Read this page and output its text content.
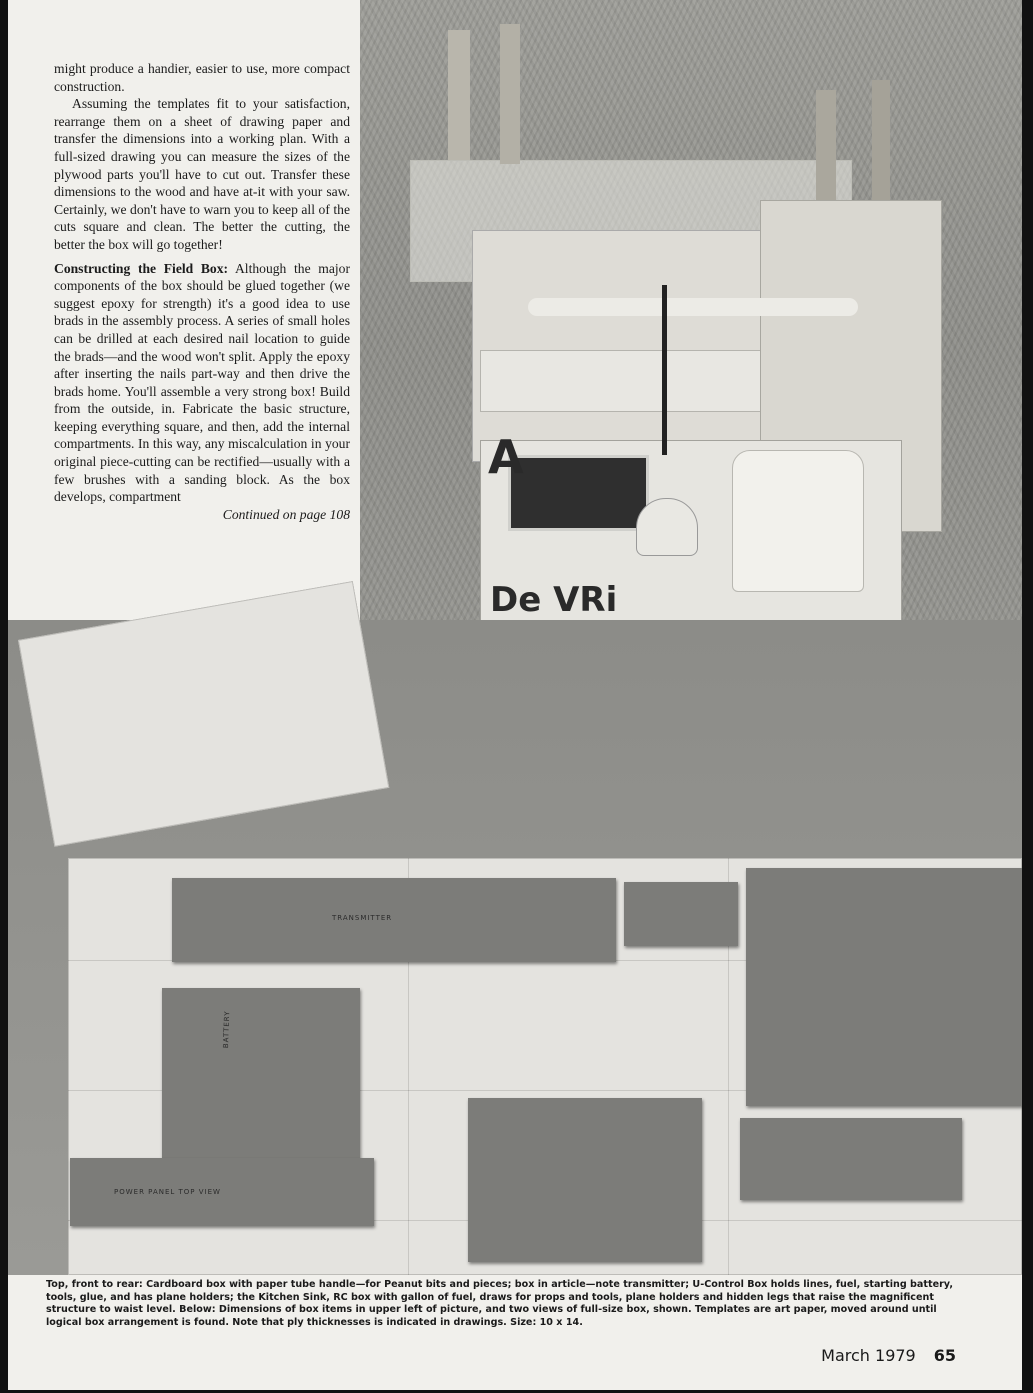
A
De VRi
TRANSMITTER
BATTERY
POWER PANEL TOP VIEW

might produce a handier, easier to use, more compact construction.

Assuming the templates fit to your satisfaction, rearrange them on a sheet of drawing paper and transfer the dimensions into a working plan. With a full-sized drawing you can measure the sizes of the plywood parts you'll have to cut out. Transfer these dimensions to the wood and have at-it with your saw. Certainly, we don't have to warn you to keep all of the cuts square and clean. The better the cutting, the better the box will go together!

Constructing the Field Box: Although the major components of the box should be glued together (we suggest epoxy for strength) it's a good idea to use brads in the assembly process. A series of small holes can be drilled at each desired nail location to guide the brads—and the wood won't split. Apply the epoxy after inserting the nails part-way and then drive the brads home. You'll assemble a very strong box! Build from the outside, in. Fabricate the basic structure, keeping everything square, and then, add the internal compartments. In this way, any miscalculation in your original piece-cutting can be rectified—usually with a few brushes with a sanding block. As the box develops, compartment

Continued on page 108

Top, front to rear: Cardboard box with paper tube handle—for Peanut bits and pieces; box in article—note transmitter; U-Control Box holds lines, fuel, starting battery, tools, glue, and has plane holders; the Kitchen Sink, RC box with gallon of fuel, draws for props and tools, plane holders and hidden legs that raise the magnificent structure to waist level. Below: Dimensions of box items in upper left of picture, and two views of full-size box, shown. Templates are art paper, moved around until logical box arrangement is found. Note that ply thicknesses is indicated in drawings. Size: 10 x 14.
March 1979 65
